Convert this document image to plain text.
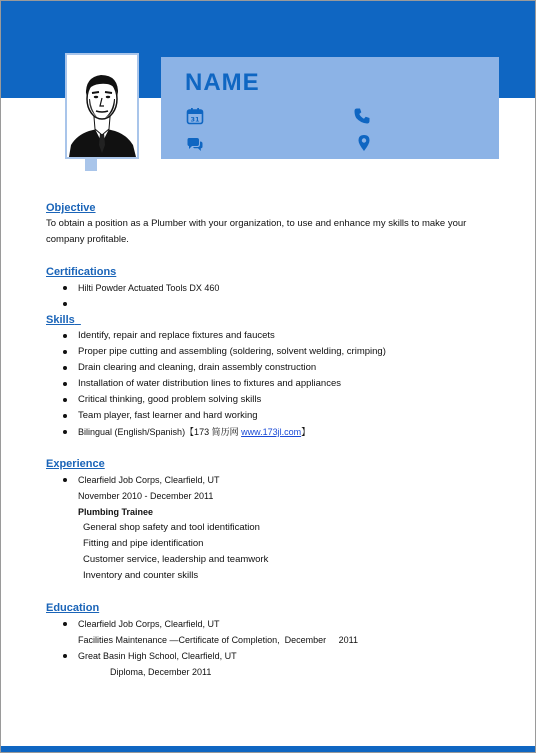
NAME
31

Objective

To obtain a position as a Plumber with your organization, to use and enhance my skills to make your company profitable.

Certifications

Hilti Powder Actuated Tools DX 460

Skills

Identify, repair and replace fixtures and faucets
Proper pipe cutting and assembling (soldering, solvent welding, crimping)
Drain clearing and cleaning, drain assembly construction
Installation of water distribution lines to fixtures and appliances
Critical thinking, good problem solving skills
Team player, fast learner and hard working
Bilingual (English/Spanish)【173 简历网 www.173jl.com】

Experience

Clearfield Job Corps, Clearfield, UT
November 2010 - December 2011
Plumbing Trainee
General shop safety and tool identification
Fitting and pipe identification
Customer service, leadership and teamwork
Inventory and counter skills

Education

Clearfield Job Corps, Clearfield, UT
Facilities Maintenance —Certificate of Completion,  December     2011
Great Basin High School, Clearfield, UT
Diploma, December 2011
